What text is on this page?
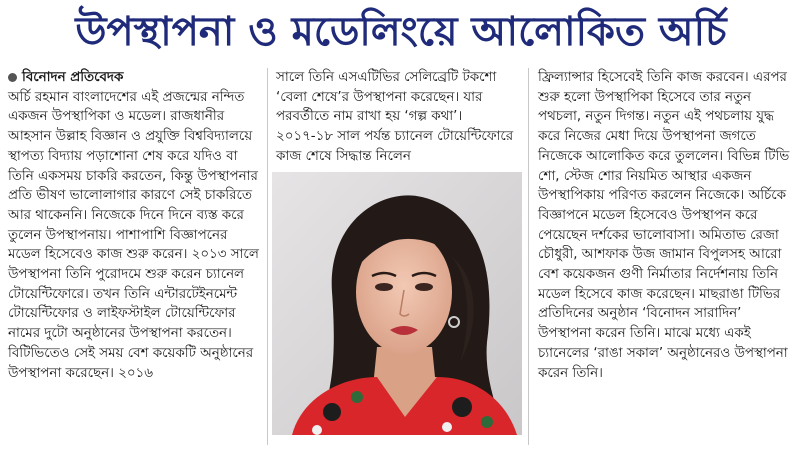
উপস্থাপনা ও মডেলিংয়ে আলোকিত অর্চি
বিনোদন প্রতিবেদক

অর্চি রহমান বাংলাদেশের এই প্রজন্মের নন্দিত একজন উপস্থাপিকা ও মডেল। রাজধানীর আহসান উল্লাহ বিজ্ঞান ও প্রযুক্তি বিশ্ববিদ্যালয়ে স্থাপত্য বিদ্যায় পড়াশোনা শেষ করে যদিও বা তিনি একসময় চাকরি করতেন, কিন্তু উপস্থাপনার প্রতি ভীষণ ভালোলাগার কারণে সেই চাকরিতে আর থাকেননি। নিজেকে দিনে দিনে ব্যস্ত করে তুলেন উপস্থাপনায়। পাশাপাশি বিজ্ঞাপনের মডেল হিসেবেও কাজ শুরু করেন। ২০১৩ সালে উপস্থাপনা তিনি পুরোদমে শুরু করেন চ্যানেল টোয়েন্টিফোরে। তখন তিনি এন্টারটেইনমেন্ট টোয়েন্টিফোর ও লাইফস্টাইল টোয়েন্টিফোর নামের দুটো অনুষ্ঠানের উপস্থাপনা করতেন। বিটিভিতেও সেই সময় বেশ কয়েকটি অনুষ্ঠানের উপস্থাপনা করেছেন। ২০১৬

সালে তিনি এসএটিভির সেলিব্রেটি টকশো ‘বেলা শেষে’র উপস্থাপনা করেছেন। যার পরবর্তীতে নাম রাখা হয় ‘গল্প কথা’। ২০১৭-১৮ সাল পর্যন্ত চ্যানেল টোয়েন্টিফোরে কাজ শেষে সিদ্ধান্ত নিলেন

ফ্রিল্যান্সার হিসেবেই তিনি কাজ করবেন। এরপর শুরু হলো উপস্থাপিকা হিসেবে তার নতুন পথচলা, নতুন দিগন্ত। নতুন এই পথচলায় যুদ্ধ করে নিজের মেধা দিয়ে উপস্থাপনা জগতে নিজেকে আলোকিত করে তুললেন। বিভিন্ন টিভি শো, স্টেজ শোর নিয়মিত আস্থার একজন উপস্থাপিকায় পরিণত করলেন নিজেকে। অর্চিকে বিজ্ঞাপনে মডেল হিসেবেও উপস্থাপন করে পেয়েছেন দর্শকের ভালোবাসা। অমিতাভ রেজা চৌধুরী, আশফাক উজ জামান বিপুলসহ আরো বেশ কয়েকজন গুণী নির্মাতার নির্দেশনায় তিনি মডেল হিসেবে কাজ করেছেন। মাছরাঙা টিভির প্রতিদিনের অনুষ্ঠান ‘বিনোদন সারাদিন’ উপস্থাপনা করেন তিনি। মাঝে মধ্যে একই চ্যানেলের ‘রাঙা সকাল’ অনুষ্ঠানেরও উপস্থাপনা করেন তিনি।
